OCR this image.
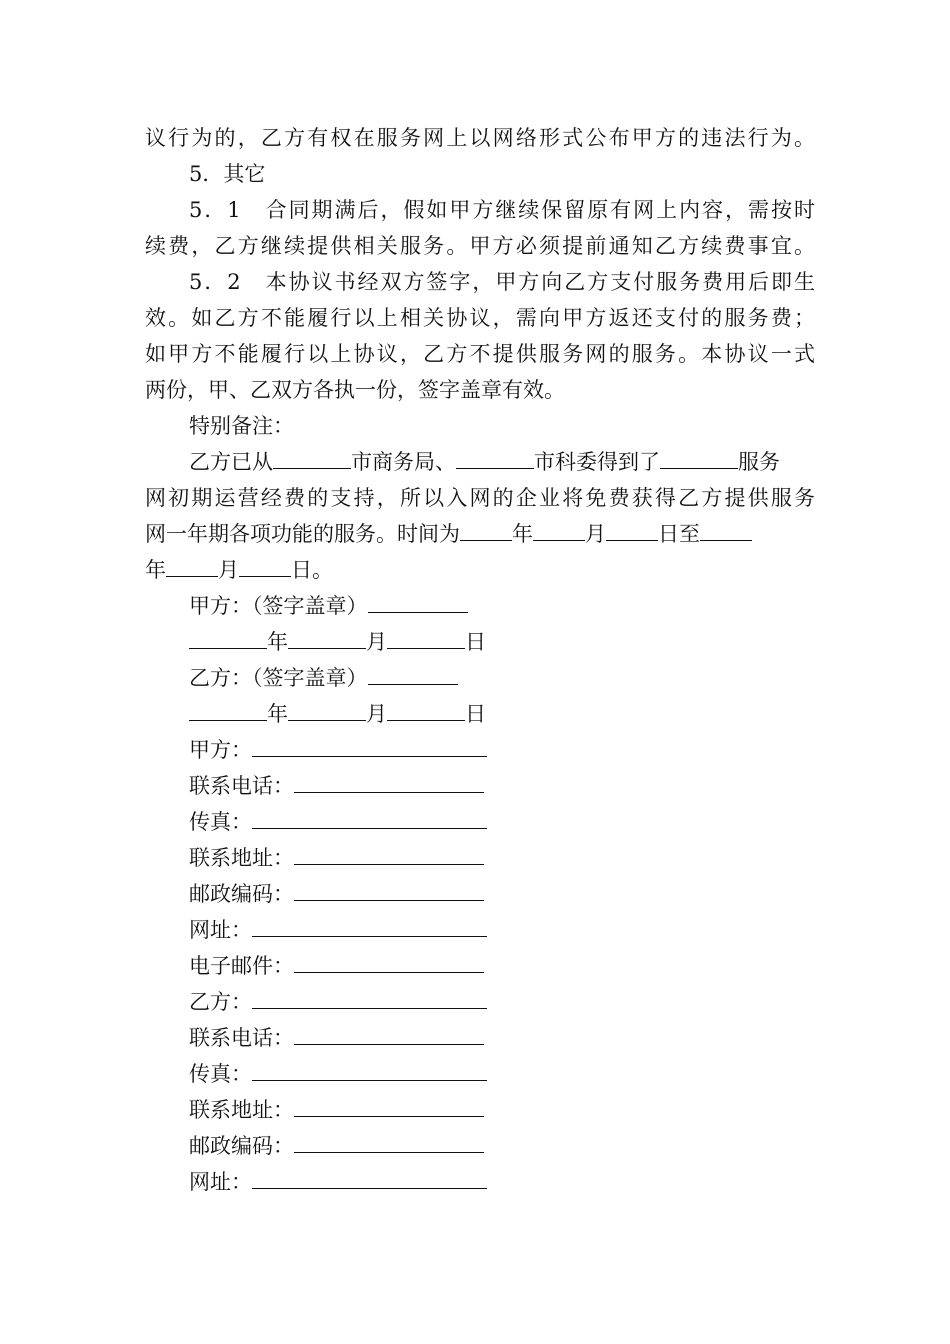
议行为的，乙方有权在服务网上以网络形式公布甲方的违法行为。
5．其它
5．1　合同期满后，假如甲方继续保留原有网上内容，需按时
续费，乙方继续提供相关服务。甲方必须提前通知乙方续费事宜。
5．2　本协议书经双方签字，甲方向乙方支付服务费用后即生
效。如乙方不能履行以上相关协议，需向甲方返还支付的服务费；
如甲方不能履行以上协议，乙方不提供服务网的服务。本协议一式
两份，甲、乙双方各执一份，签字盖章有效。
特别备注：
乙方已从	市商务局、	市科委得到了	服务
网初期运营经费的支持，所以入网的企业将免费获得乙方提供服务
网一年期各项功能的服务。时间为 年 月 日至
年 月 日。
甲方：（签字盖章）
年	月	日
乙方：（签字盖章）
年	月	日
甲方：
联系电话：
传真：
联系地址：
邮政编码：
网址：
电子邮件：
乙方：
联系电话：
传真：
联系地址：
邮政编码：
网址：
